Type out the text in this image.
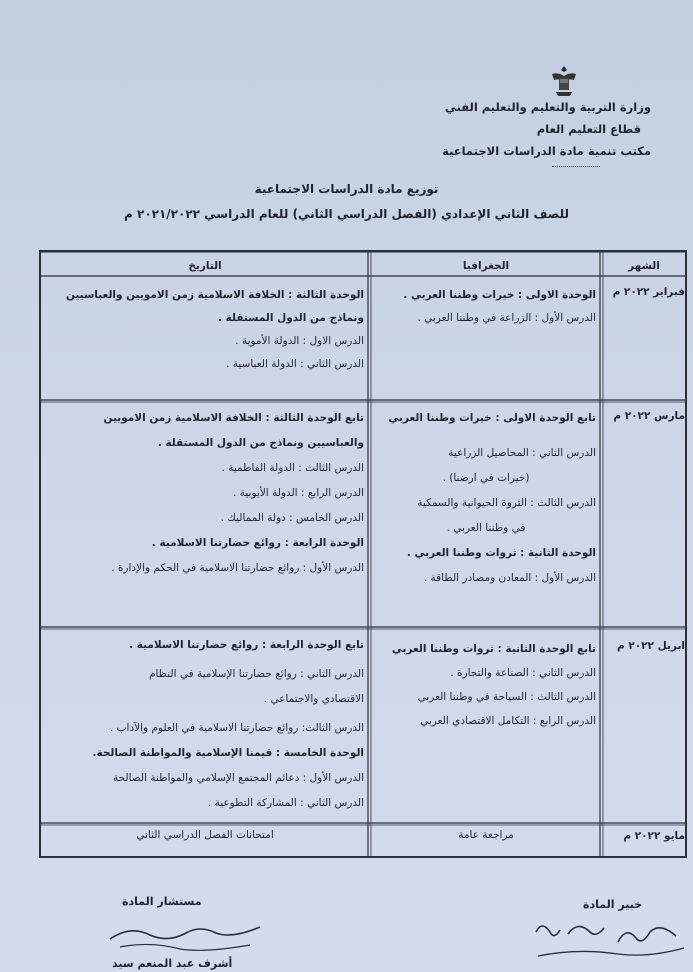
وزارة التربية والتعليم والتعليم الفني
قطاع التعليم العام
مكتب تنمية مادة الدراسات الاجتماعية
توزيع مادة الدراسات الاجتماعية
للصف الثاني الإعدادي (الفصل الدراسي الثاني) للعام الدراسي ٢٠٢١/٢٠٢٢ م
الشهر
الجغرافيا
التاريخ
فبراير ٢٠٢٢ م
مارس ٢٠٢٢ م
ابريل ٢٠٢٢ م
مايو ٢٠٢٢ م
الوحدة الاولى : خيرات وطننا العربي .
الدرس الأول : الزراعة في وطننا العربي .
الوحدة الثالثة : الخلافة الاسلامية زمن الامويين والعباسيين
ونماذج من الدول المستقلة .
الدرس الاول : الدولة الأموية .
الدرس الثاني : الدولة العباسية .
تابع الوحدة الاولى : خيرات وطننا العربي
الدرس الثاني : المحاصيل الزراعية
(خيرات في ارضنا) .
الدرس الثالث : الثروة الحيوانية والسمكية
في وطننا العربي .
الوحدة الثانية : ثروات وطننا العربي .
الدرس الأول : المعادن ومصادر الطاقة .
تابع الوحدة الثالثة : الخلافة الاسلامية زمن الامويين
والعباسيين ونماذج من الدول المستقلة .
الدرس الثالث : الدولة الفاطمية .
الدرس الرابع : الدولة الأيوبية .
الدرس الخامس : دولة المماليك .
الوحدة الرابعة : روائع حضارتنا الاسلامية .
الدرس الأول : روائع حضارتنا الاسلامية في الحكم والإدارة .
تابع الوحدة الثانية : ثروات وطننا العربي
الدرس الثاني : الصناعة والتجارة .
الدرس الثالث : السياحة في وطننا العربي
الدرس الرابع : التكامل الاقتصادي العربي
تابع الوحدة الرابعة : روائع حضارتنا الاسلامية .
الدرس الثاني : روائع حضارتنا الإسلامية في النظام
الاقتصادي والاجتماعي .
الدرس الثالث: روائع حضارتنا الاسلامية في العلوم والآداب .
الوحدة الخامسة : قيمنا الإسلامية والمواطنة الصالحة.
الدرس الأول : دعائم المجتمع الإسلامي والمواطنة الصالحة
الدرس الثاني : المشاركة التطوعية .
مراجعة عامة
امتحانات الفصل الدراسي الثاني
مستشار المادة	خبير المادة
أشرف عبد المنعم سيد
